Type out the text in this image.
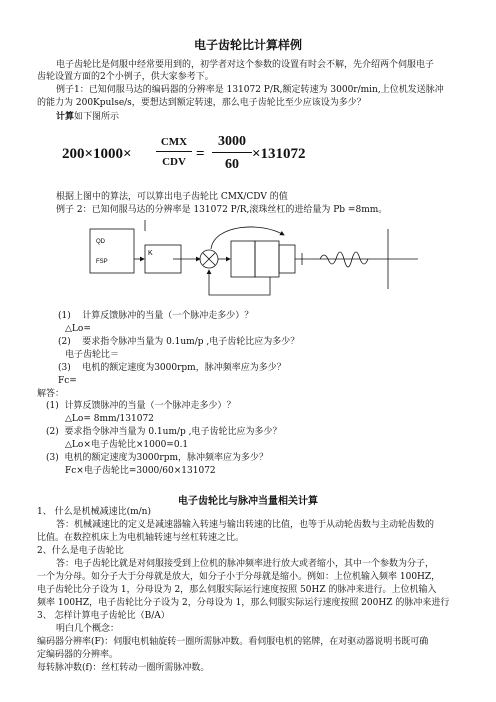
电子齿轮比计算样例
电子齿轮比是伺服中经常要用到的，初学者对这个参数的设置有时会不解，先介绍两个伺服电子
齿轮设置方面的2个小例子，供大家参考下。
例子1：已知伺服马达的编码器的分辨率是 131072 P/R,额定转速为 3000r/min,上位机发送脉冲
的能力为 200Kpulse/s，要想达到额定转速，那么电子齿轮比至少应该设为多少？
计算如下图所示
200×1000×
CMX
CDV =
3000
60
×131072
根据上图中的算法，可以算出电子齿轮比 CMX/CDV 的值
例子 2：已知伺服马达的分辨率是 131072 P/R,滚珠丝杠的进给量为 Pb =8mm。
QD
FSP
K
(1) 计算反馈脉冲的当量（一个脉冲走多少）？
△Lo=
(2) 要求指令脉冲当量为 0.1um/p ,电子齿轮比应为多少？
电子齿轮比＝
(3) 电机的额定速度为3000rpm，脉冲频率应为多少？
Fc=
解答：
(1) 计算反馈脉冲的当量（一个脉冲走多少）？
△Lo= 8mm/131072
(2) 要求指令脉冲当量为 0.1um/p ,电子齿轮比应为多少？
△Lo×电子齿轮比×1000=0.1
(3) 电机的额定速度为3000rpm，脉冲频率应为多少？
Fc×电子齿轮比=3000/60×131072
电子齿轮比与脉冲当量相关计算
1、 什么是机械减速比(m/n)
答：机械减速比的定义是减速器输入转速与输出转速的比值，也等于从动轮齿数与主动轮齿数的
比值。在数控机床上为电机轴转速与丝杠转速之比。
2、什么是电子齿轮比
答：电子齿轮比就是对伺服接受到上位机的脉冲频率进行放大或者缩小，其中一个参数为分子，
一个为分母。如分子大于分母就是放大，如分子小于分母就是缩小。例如：上位机输入频率 100HZ，
电子齿轮比分子设为 1，分母设为 2，那么伺服实际运行速度按照 50HZ 的脉冲来进行。上位机输入
频率 100HZ，电子齿轮比分子设为 2，分母设为 1，那么伺服实际运行速度按照 200HZ 的脉冲来进行
3、 怎样计算电子齿轮比（B/A）
明白几个概念：
编码器分辨率(F)：伺服电机轴旋转一圈所需脉冲数。看伺服电机的铭牌，在对驱动器说明书既可确
定编码器的分辨率。
每转脉冲数(f)：丝杠转动一圈所需脉冲数。
